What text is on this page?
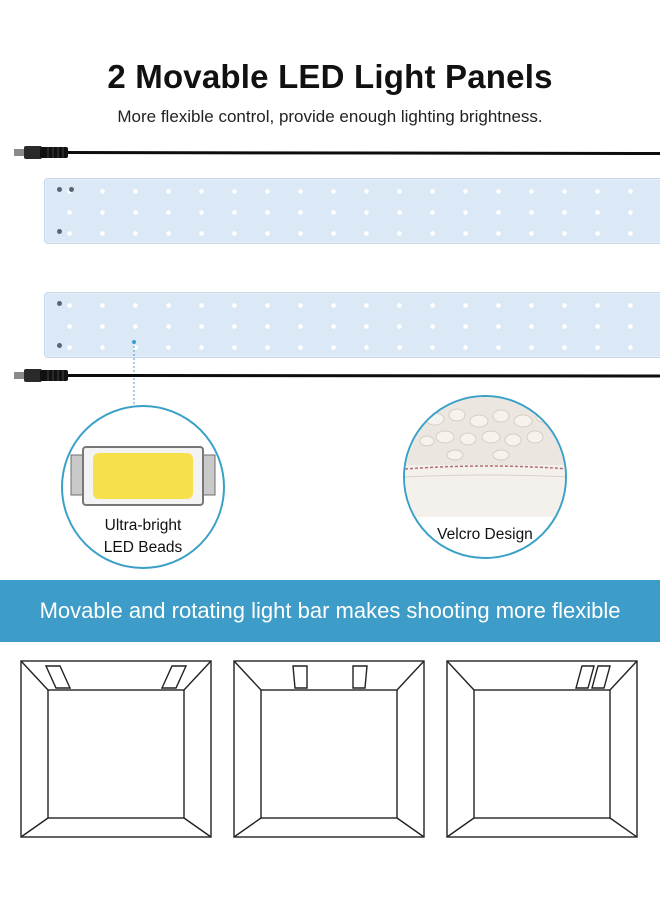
2 Movable LED Light Panels
More flexible control, provide enough lighting brightness.
Ultra-bright
LED Beads
Velcro Design
Movable and rotating light bar makes shooting more flexible
